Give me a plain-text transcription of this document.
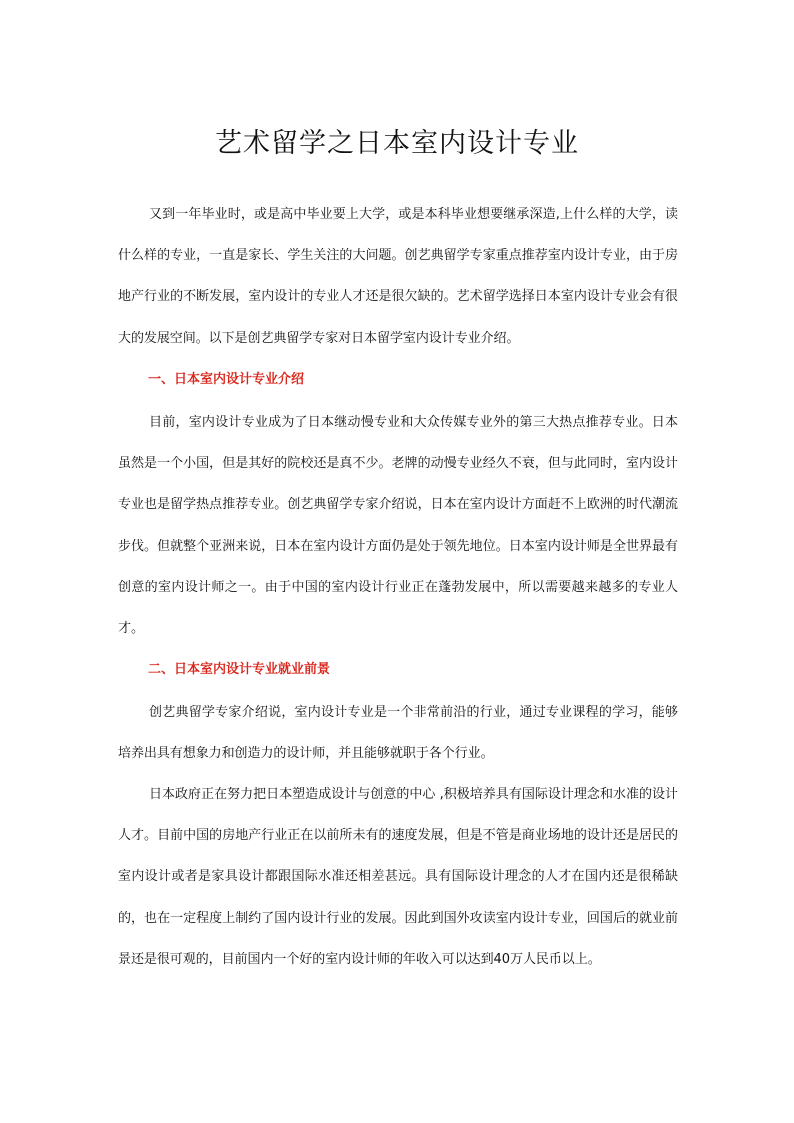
艺术留学之日本室内设计专业

又到一年毕业时，或是高中毕业要上大学，或是本科毕业想要继承深造,上什么样的大学，读什么样的专业，一直是家长、学生关注的大问题。创艺典留学专家重点推荐室内设计专业，由于房地产行业的不断发展，室内设计的专业人才还是很欠缺的。艺术留学选择日本室内设计专业会有很大的发展空间。以下是创艺典留学专家对日本留学室内设计专业介绍。

一、日本室内设计专业介绍

目前，室内设计专业成为了日本继动慢专业和大众传媒专业外的第三大热点推荐专业。日本虽然是一个小国，但是其好的院校还是真不少。老牌的动慢专业经久不衰，但与此同时，室内设计专业也是留学热点推荐专业。创艺典留学专家介绍说，日本在室内设计方面赶不上欧洲的时代潮流步伐。但就整个亚洲来说，日本在室内设计方面仍是处于领先地位。日本室内设计师是全世界最有创意的室内设计师之一。由于中国的室内设计行业正在蓬勃发展中，所以需要越来越多的专业人才。

二、日本室内设计专业就业前景

创艺典留学专家介绍说，室内设计专业是一个非常前沿的行业，通过专业课程的学习，能够培养出具有想象力和创造力的设计师，并且能够就职于各个行业。

日本政府正在努力把日本塑造成设计与创意的中心 ,积极培养具有国际设计理念和水准的设计人才。目前中国的房地产行业正在以前所未有的速度发展，但是不管是商业场地的设计还是居民的室内设计或者是家具设计都跟国际水准还相差甚远。具有国际设计理念的人才在国内还是很稀缺的，也在一定程度上制约了国内设计行业的发展。因此到国外攻读室内设计专业，回国后的就业前景还是很可观的，目前国内一个好的室内设计师的年收入可以达到40万人民币以上。
